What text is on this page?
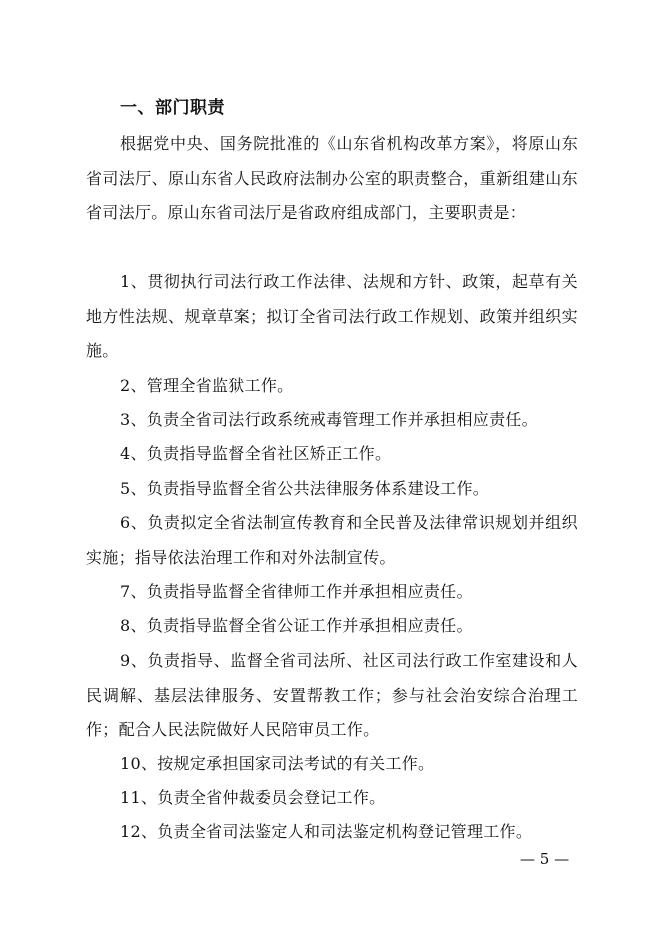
一、部门职责
根据党中央、国务院批准的《山东省机构改革方案》，将原山东省司法厅、原山东省人民政府法制办公室的职责整合，重新组建山东省司法厅。原山东省司法厅是省政府组成部门，主要职责是：
1、贯彻执行司法行政工作法律、法规和方针、政策，起草有关地方性法规、规章草案；拟订全省司法行政工作规划、政策并组织实施。
2、管理全省监狱工作。
3、负责全省司法行政系统戒毒管理工作并承担相应责任。
4、负责指导监督全省社区矫正工作。
5、负责指导监督全省公共法律服务体系建设工作。
6、负责拟定全省法制宣传教育和全民普及法律常识规划并组织实施；指导依法治理工作和对外法制宣传。
7、负责指导监督全省律师工作并承担相应责任。
8、负责指导监督全省公证工作并承担相应责任。
9、负责指导、监督全省司法所、社区司法行政工作室建设和人民调解、基层法律服务、安置帮教工作；参与社会治安综合治理工作；配合人民法院做好人民陪审员工作。
10、按规定承担国家司法考试的有关工作。
11、负责全省仲裁委员会登记工作。
12、负责全省司法鉴定人和司法鉴定机构登记管理工作。
— 5 —
